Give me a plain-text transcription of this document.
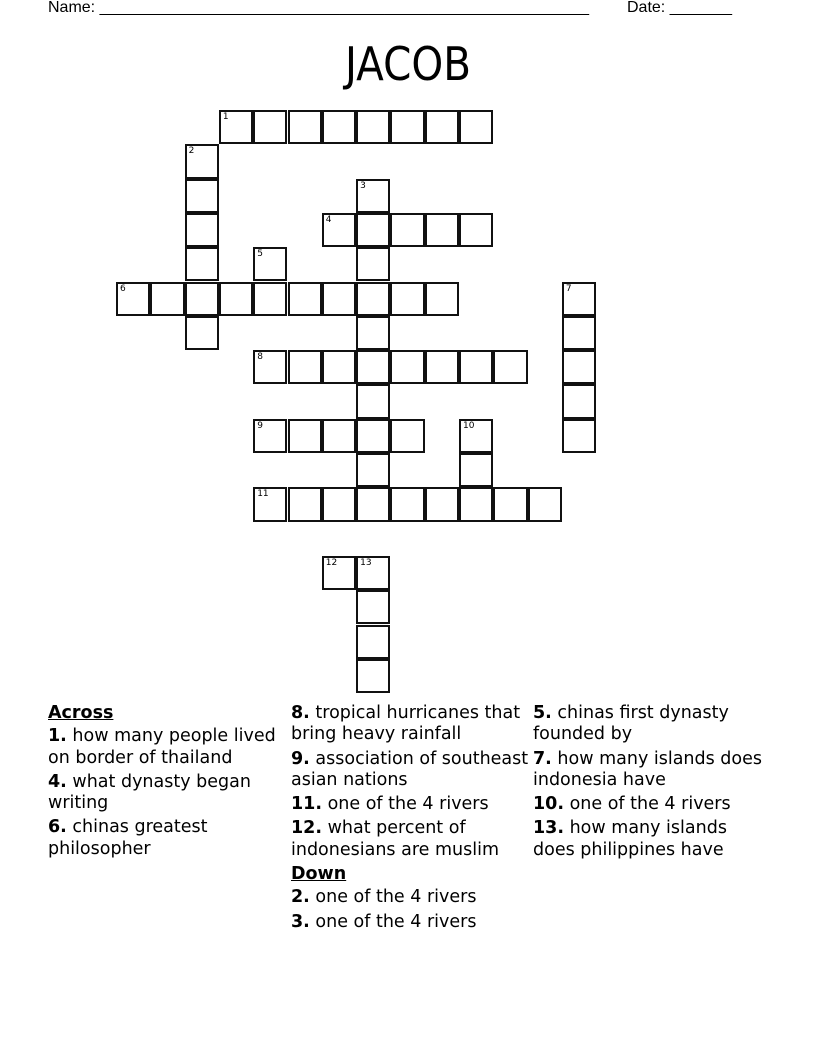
Name: _______________________________________________________ Date: _______
JACOB
1
2
3
4
5
6	7
8
9	10
11
12	13
Across
1. how many people lived on border of thailand
4. what dynasty began writing
6. chinas greatest philosopher
8. tropical hurricanes that bring heavy rainfall
9. association of southeast asian nations
11. one of the 4 rivers
12. what percent of indonesians are muslim
Down
2. one of the 4 rivers
3. one of the 4 rivers
5. chinas first dynasty founded by
7. how many islands does indonesia have
10. one of the 4 rivers
13. how many islands does philippines have
